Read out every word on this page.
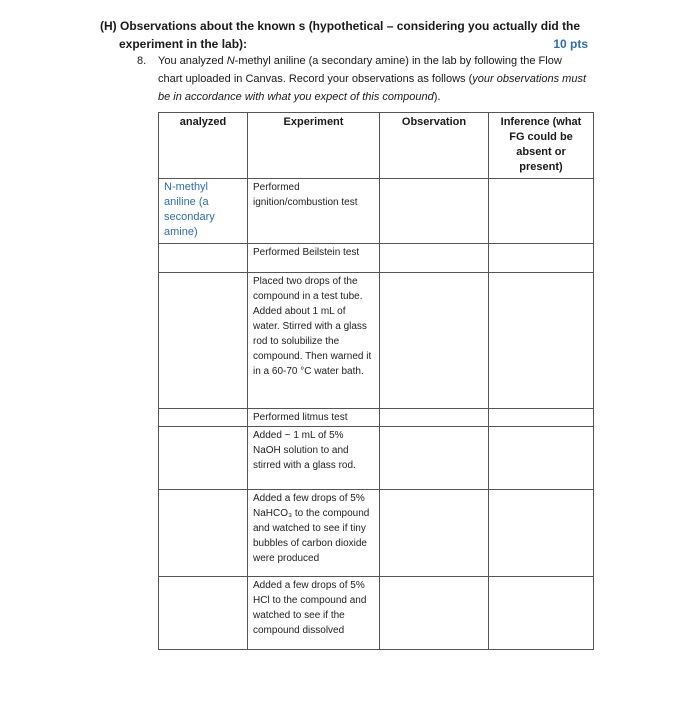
(H) Observations about the known s (hypothetical – considering you actually did the
experiment in the lab):	10 pts
8.	You analyzed N-methyl aniline (a secondary amine) in the lab by following the Flow chart uploaded in Canvas. Record your observations as follows (your observations must be in accordance with what you expect of this compound).
analyzed	Experiment	Observation	Inference (what FG could be absent or present)
N-methyl aniline (a secondary amine)	Performed ignition/combustion test		
	Performed Beilstein test		
	Placed two drops of the compound in a test tube. Added about 1 mL of water. Stirred with a glass rod to solubilize the compound. Then warned it in a 60-70 °C water bath.		
	Performed litmus test		
	Added ~ 1 mL of 5% NaOH solution to and stirred with a glass rod.		
	Added a few drops of 5% NaHCO₃ to the compound and watched to see if tiny bubbles of carbon dioxide were produced		
	Added a few drops of 5% HCl to the compound and watched to see if the compound dissolved		
